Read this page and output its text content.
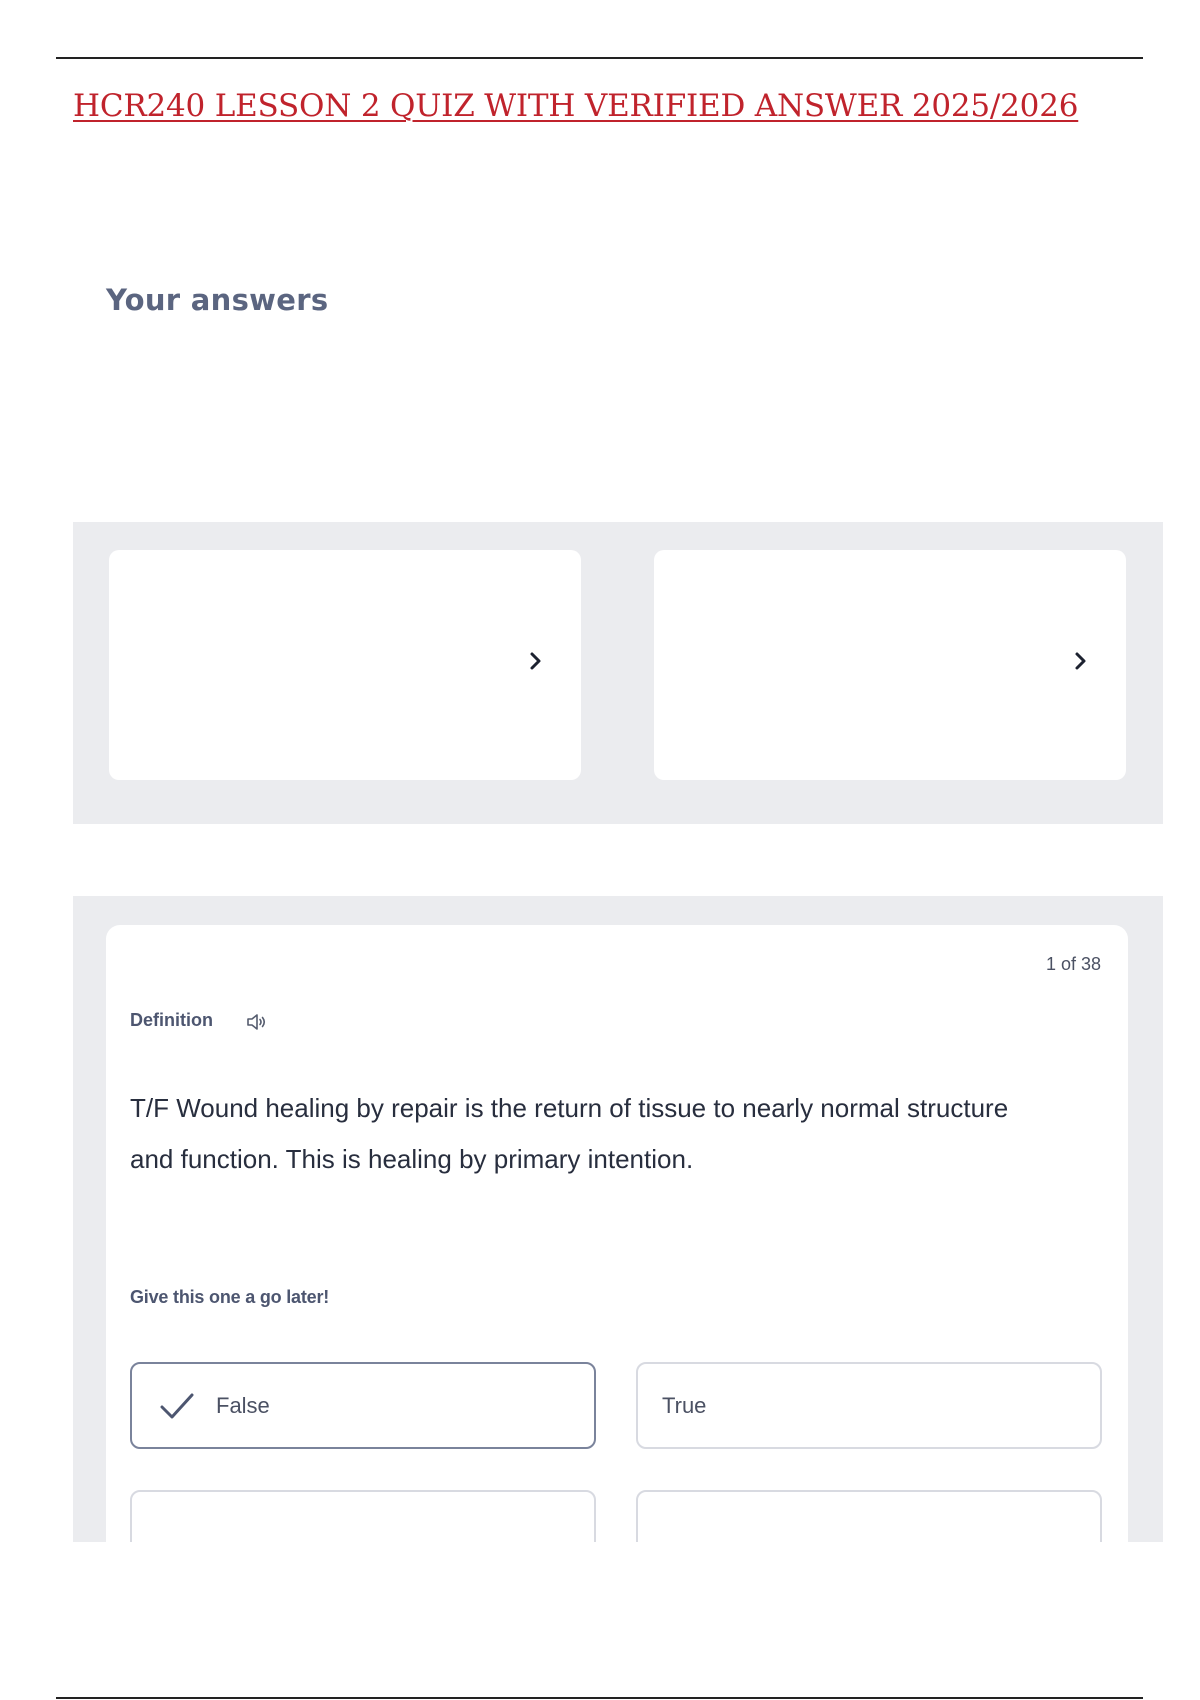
HCR240 LESSON 2 QUIZ WITH VERIFIED ANSWER 2025/2026
Your answers
1 of 38
Definition

T/F Wound healing by repair is the return of tissue to nearly normal structure and function. This is healing by primary intention.

Give this one a go later!
False	True
